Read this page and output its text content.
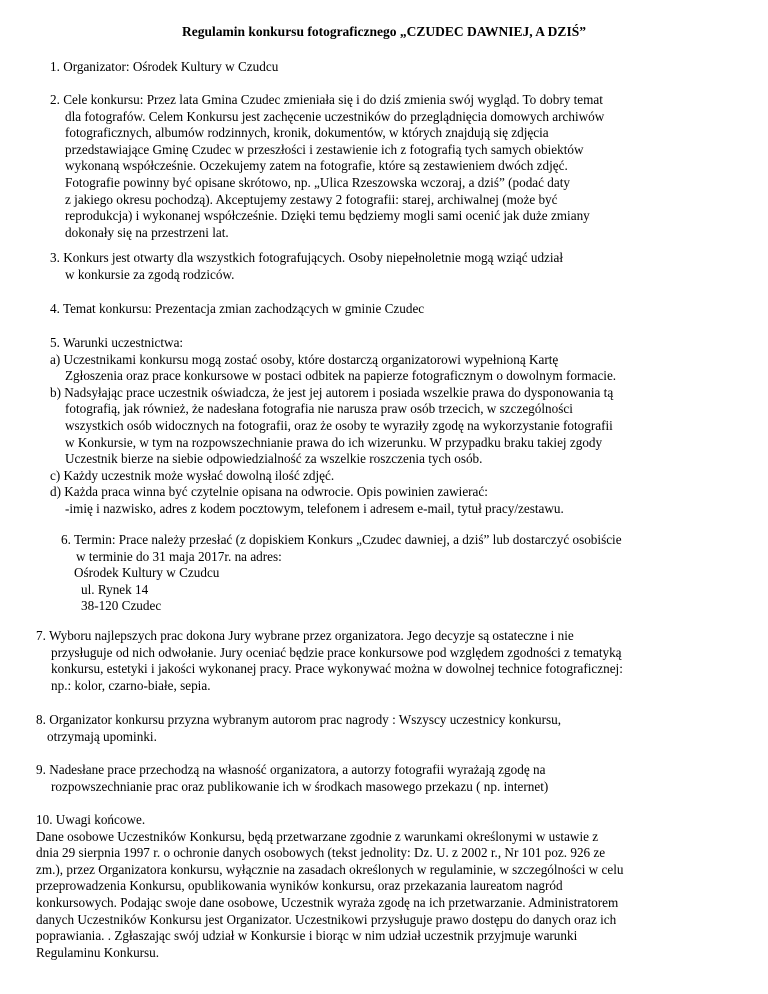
Regulamin konkursu fotograficznego „CZUDEC DAWNIEJ, A DZIŚ”

1. Organizator: Ośrodek Kultury w Czudcu

2. Cele konkursu: Przez lata Gmina Czudec zmieniała się i do dziś zmienia swój wygląd. To dobry temat

dla fotografów. Celem Konkursu jest zachęcenie uczestników do przeglądnięcia domowych archiwów

fotograficznych, albumów rodzinnych, kronik, dokumentów, w których znajdują się zdjęcia

przedstawiające Gminę Czudec w przeszłości i zestawienie ich z fotografią tych samych obiektów

wykonaną współcześnie. Oczekujemy zatem na fotografie, które są zestawieniem dwóch zdjęć.

Fotografie powinny być opisane skrótowo, np. „Ulica Rzeszowska wczoraj, a dziś” (podać daty

z jakiego okresu pochodzą). Akceptujemy zestawy 2 fotografii: starej, archiwalnej (może być

reprodukcja) i wykonanej współcześnie. Dzięki temu będziemy mogli sami ocenić jak duże zmiany

dokonały się na przestrzeni lat.

3. Konkurs jest otwarty dla wszystkich fotografujących. Osoby niepełnoletnie mogą wziąć udział

w konkursie za zgodą rodziców.

4. Temat konkursu: Prezentacja zmian zachodzących w gminie Czudec

5. Warunki uczestnictwa:

a) Uczestnikami konkursu mogą zostać osoby, które dostarczą organizatorowi wypełnioną Kartę

Zgłoszenia oraz prace konkursowe w postaci odbitek na papierze fotograficznym o dowolnym formacie.

b) Nadsyłając prace uczestnik oświadcza, że jest jej autorem i posiada wszelkie prawa do dysponowania tą

fotografią, jak również, że nadesłana fotografia nie narusza praw osób trzecich, w szczególności

wszystkich osób widocznych na fotografii, oraz że osoby te wyraziły zgodę na wykorzystanie fotografii

w Konkursie, w tym na rozpowszechnianie prawa do ich wizerunku. W przypadku braku takiej zgody

Uczestnik bierze na siebie odpowiedzialność za wszelkie roszczenia tych osób.

c) Każdy uczestnik może wysłać dowolną ilość zdjęć.

d) Każda praca winna być czytelnie opisana na odwrocie. Opis powinien zawierać:

-imię i nazwisko, adres z kodem pocztowym, telefonem i adresem e-mail, tytuł pracy/zestawu.

6. Termin: Prace należy przesłać (z dopiskiem Konkurs „Czudec dawniej, a dziś” lub dostarczyć osobiście

w terminie do 31 maja 2017r. na adres:

Ośrodek Kultury w Czudcu

ul. Rynek 14

38-120 Czudec

7. Wyboru najlepszych prac dokona Jury wybrane przez organizatora. Jego decyzje są ostateczne i nie

przysługuje od nich odwołanie. Jury oceniać będzie prace konkursowe pod względem zgodności z tematyką

konkursu, estetyki i jakości wykonanej pracy. Prace wykonywać można w dowolnej technice fotograficznej:

np.: kolor, czarno-białe, sepia.

8. Organizator konkursu przyzna wybranym autorom prac nagrody : Wszyscy uczestnicy konkursu,

otrzymają upominki.

9. Nadesłane prace przechodzą na własność organizatora, a autorzy fotografii wyrażają zgodę na

rozpowszechnianie prac oraz publikowanie ich w środkach masowego przekazu ( np. internet)

10. Uwagi końcowe.

Dane osobowe Uczestników Konkursu, będą przetwarzane zgodnie z warunkami określonymi w ustawie z

dnia 29 sierpnia 1997 r. o ochronie danych osobowych (tekst jednolity: Dz. U. z 2002 r., Nr 101 poz. 926 ze

zm.), przez Organizatora konkursu, wyłącznie na zasadach określonych w regulaminie, w szczególności w celu

przeprowadzenia Konkursu, opublikowania wyników konkursu, oraz przekazania laureatom nagród

konkursowych. Podając swoje dane osobowe, Uczestnik wyraża zgodę na ich przetwarzanie. Administratorem

danych Uczestników Konkursu jest Organizator. Uczestnikowi przysługuje prawo dostępu do danych oraz ich

poprawiania. . Zgłaszając swój udział w Konkursie i biorąc w nim udział uczestnik przyjmuje warunki

Regulaminu Konkursu.
